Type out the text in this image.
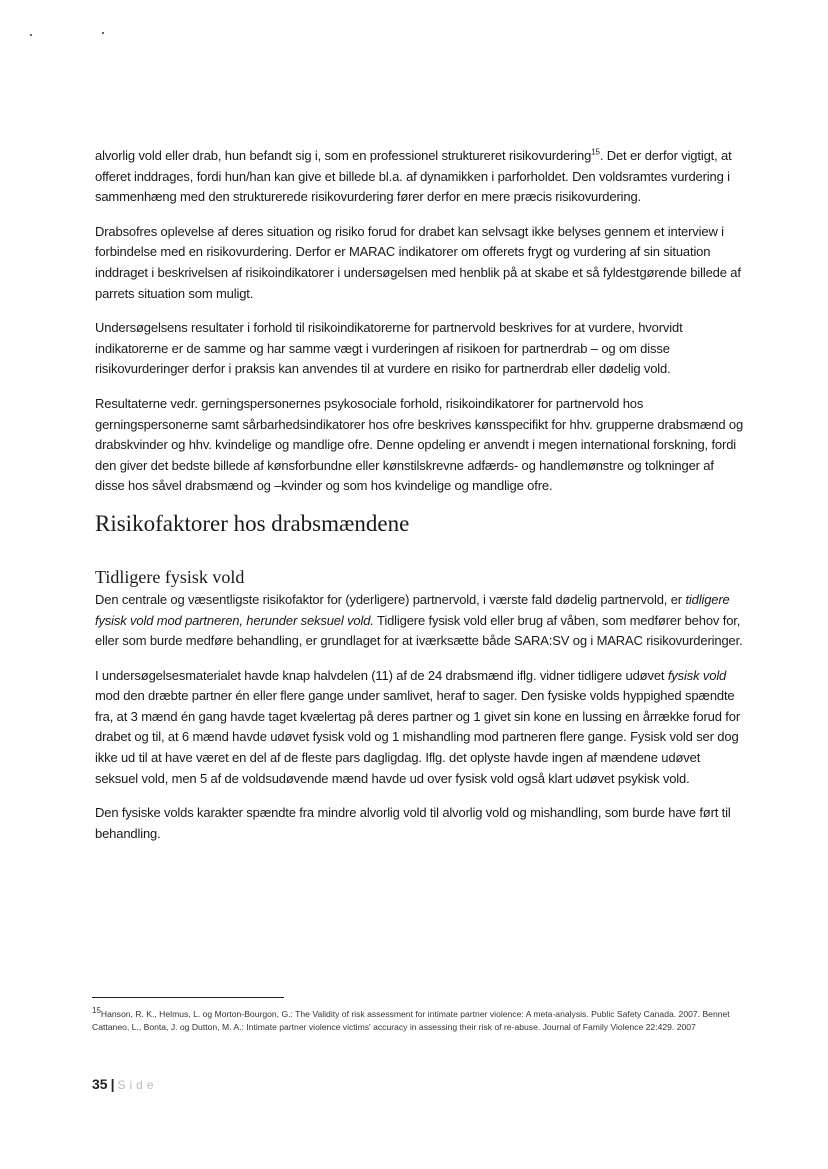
alvorlig vold eller drab, hun befandt sig i, som en professionel struktureret risikovurdering$^{15}$. Det er derfor vigtigt, at offeret inddrages, fordi hun/han kan give et billede bl.a. af dynamikken i parforholdet. Den voldsramtes vurdering i sammenhæng med den strukturerede risikovurdering fører derfor en mere præcis risikovurdering.

Drabsofres oplevelse af deres situation og risiko forud for drabet kan selvsagt ikke belyses gennem et interview i forbindelse med en risikovurdering. Derfor er MARAC indikatorer om offerets frygt og vurdering af sin situation inddraget i beskrivelsen af risikoindikatorer i undersøgelsen med henblik på at skabe et så fyldestgørende billede af parrets situation som muligt.

Undersøgelsens resultater i forhold til risikoindikatorerne for partnervold beskrives for at vurdere, hvorvidt indikatorerne er de samme og har samme vægt i vurderingen af risikoen for partnerdrab – og om disse risikovurderinger derfor i praksis kan anvendes til at vurdere en risiko for partnerdrab eller dødelig vold.

Resultaterne vedr. gerningspersonernes psykosociale forhold, risikoindikatorer for partnervold hos gerningspersonerne samt sårbarhedsindikatorer hos ofre beskrives kønsspecifikt for hhv. grupperne drabsmænd og drabskvinder og hhv. kvindelige og mandlige ofre. Denne opdeling er anvendt i megen international forskning, fordi den giver det bedste billede af kønsforbundne eller kønstilskrevne adfærds- og handlemønstre og tolkninger af disse hos såvel drabsmænd og –kvinder og som hos kvindelige og mandlige ofre.

Risikofaktorer hos drabsmændene
Tidligere fysisk vold

Den centrale og væsentligste risikofaktor for (yderligere) partnervold, i værste fald dødelig partnervold, er tidligere fysisk vold mod partneren, herunder seksuel vold. Tidligere fysisk vold eller brug af våben, som medfører behov for, eller som burde medføre behandling, er grundlaget for at iværksætte både SARA:SV og i MARAC risikovurderinger.

I undersøgelsesmaterialet havde knap halvdelen (11) af de 24 drabsmænd iflg. vidner tidligere udøvet fysisk vold mod den dræbte partner én eller flere gange under samlivet, heraf to sager. Den fysiske volds hyppighed spændte fra, at 3 mænd én gang havde taget kvælertag på deres partner og 1 givet sin kone en lussing en årrække forud for drabet og til, at 6 mænd havde udøvet fysisk vold og 1 mishandling mod partneren flere gange. Fysisk vold ser dog ikke ud til at have været en del af de fleste pars dagligdag. Iflg. det oplyste havde ingen af mændene udøvet seksuel vold, men 5 af de voldsudøvende mænd havde ud over fysisk vold også klart udøvet psykisk vold.

Den fysiske volds karakter spændte fra mindre alvorlig vold til alvorlig vold og mishandling, som burde have ført til behandling.

$^{15}$Hanson, R. K., Helmus, L. og Morton-Bourgon, G.: The Validity of risk assessment for intimate partner violence: A meta-analysis. Public Safety Canada. 2007. Bennet Cattaneo, L., Bonta, J. og Dutton, M. A.: Intimate partner violence victims' accuracy in assessing their risk of re-abuse. Journal of Family Violence 22:429. 2007
35 | Side
